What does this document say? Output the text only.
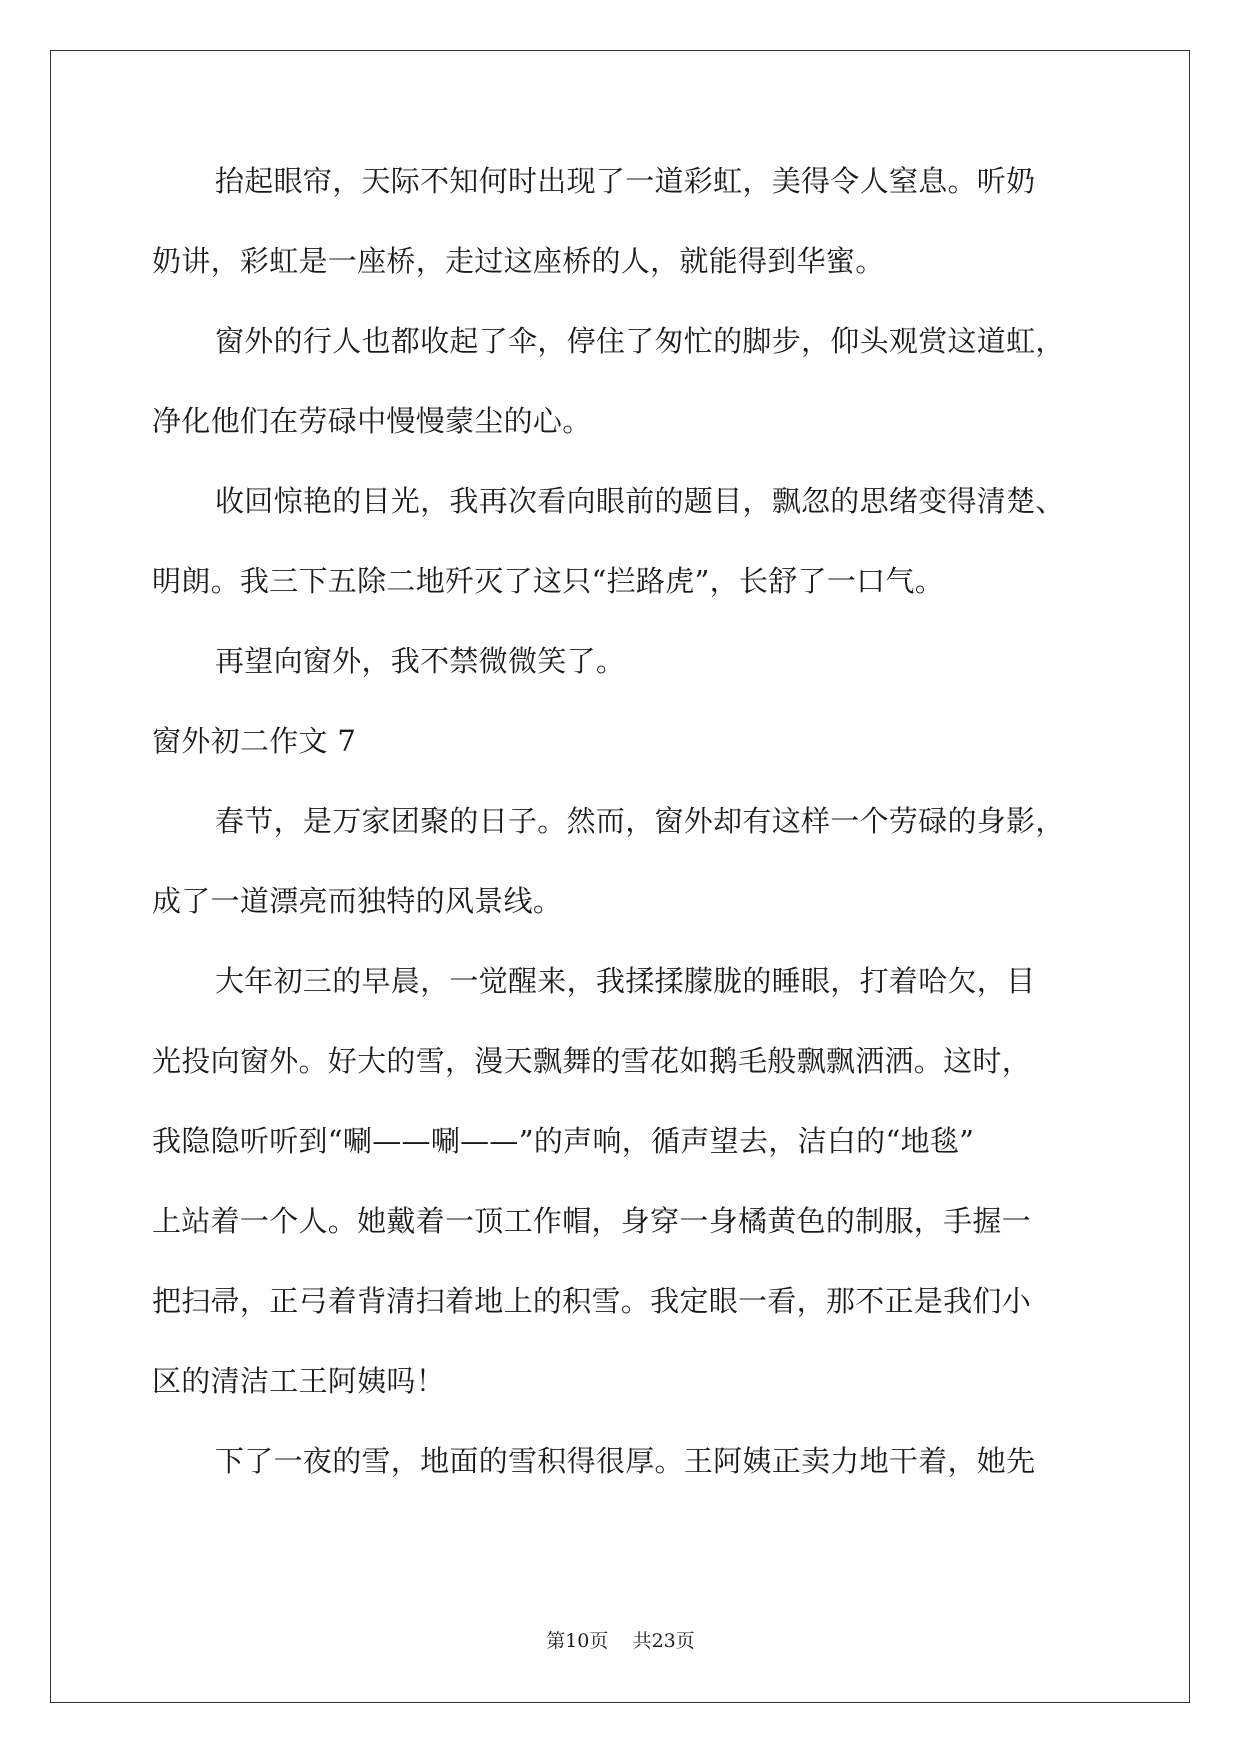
抬起眼帘，天际不知何时出现了一道彩虹，美得令人窒息。听奶
奶讲，彩虹是一座桥，走过这座桥的人，就能得到华蜜。
窗外的行人也都收起了伞，停住了匆忙的脚步，仰头观赏这道虹，
净化他们在劳碌中慢慢蒙尘的心。
收回惊艳的目光，我再次看向眼前的题目，飘忽的思绪变得清楚、
明朗。我三下五除二地歼灭了这只“拦路虎”，长舒了一口气。
再望向窗外，我不禁微微笑了。
窗外初二作文 7
春节，是万家团聚的日子。然而，窗外却有这样一个劳碌的身影，
成了一道漂亮而独特的风景线。
大年初三的早晨，一觉醒来，我揉揉朦胧的睡眼，打着哈欠，目
光投向窗外。好大的雪，漫天飘舞的雪花如鹅毛般飘飘洒洒。这时，
我隐隐听听到“唰——唰——”的声响，循声望去，洁白的“地毯”
上站着一个人。她戴着一顶工作帽，身穿一身橘黄色的制服，手握一
把扫帚，正弓着背清扫着地上的积雪。我定眼一看，那不正是我们小
区的清洁工王阿姨吗！
下了一夜的雪，地面的雪积得很厚。王阿姨正卖力地干着，她先
第10页 共23页
